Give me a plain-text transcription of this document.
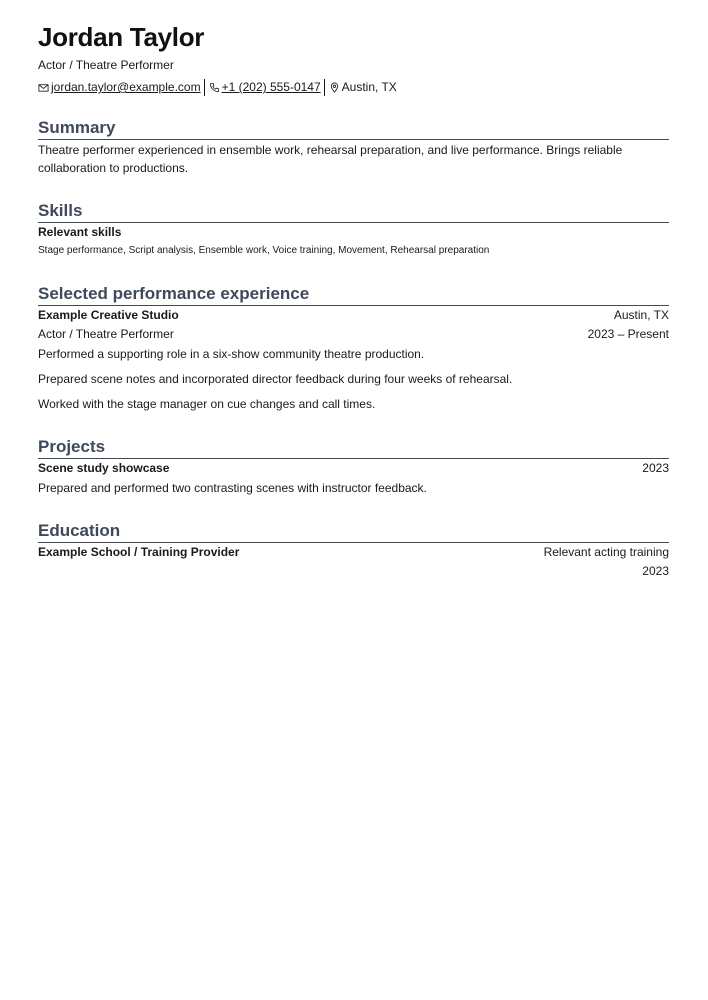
Jordan Taylor
Actor / Theatre Performer
jordan.taylor@example.com +1 (202) 555-0147 Austin, TX
Summary
Theatre performer experienced in ensemble work, rehearsal preparation, and live performance. Brings reliable collaboration to productions.
Skills
Relevant skills
Stage performance, Script analysis, Ensemble work, Voice training, Movement, Rehearsal preparation
Selected performance experience
Example Creative Studio	Austin, TX
Actor / Theatre Performer	2023 – Present
Performed a supporting role in a six-show community theatre production.
Prepared scene notes and incorporated director feedback during four weeks of rehearsal.
Worked with the stage manager on cue changes and call times.
Projects
Scene study showcase	2023
Prepared and performed two contrasting scenes with instructor feedback.
Education
Example School / Training Provider	Relevant acting training
2023
